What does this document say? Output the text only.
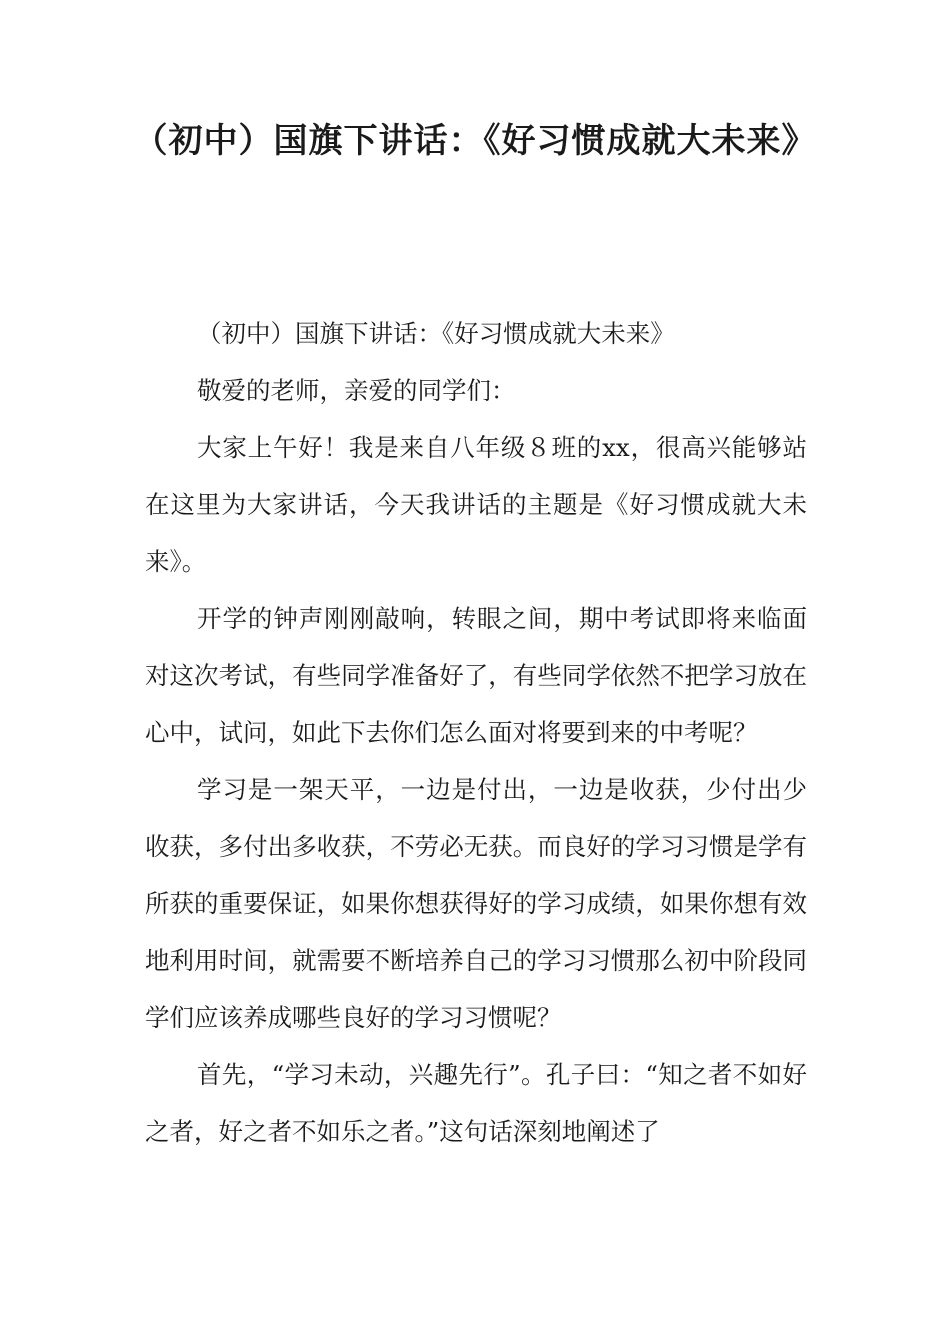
（初中）国旗下讲话：《好习惯成就大未来》

（初中）国旗下讲话：《好习惯成就大未来》

敬爱的老师，亲爱的同学们：

大家上午好！我是来自八年级８班的xx，很高兴能够站在这里为大家讲话，今天我讲话的主题是《好习惯成就大未来》。

开学的钟声刚刚敲响，转眼之间，期中考试即将来临面对这次考试，有些同学准备好了，有些同学依然不把学习放在心中，试问，如此下去你们怎么面对将要到来的中考呢？

学习是一架天平，一边是付出，一边是收获，少付出少收获，多付出多收获，不劳必无获。而良好的学习习惯是学有所获的重要保证，如果你想获得好的学习成绩，如果你想有效地利用时间，就需要不断培养自己的学习习惯那么初中阶段同学们应该养成哪些良好的学习习惯呢？

首先，“学习未动，兴趣先行”。孔子曰：“知之者不如好之者，好之者不如乐之者。”这句话深刻地阐述了
